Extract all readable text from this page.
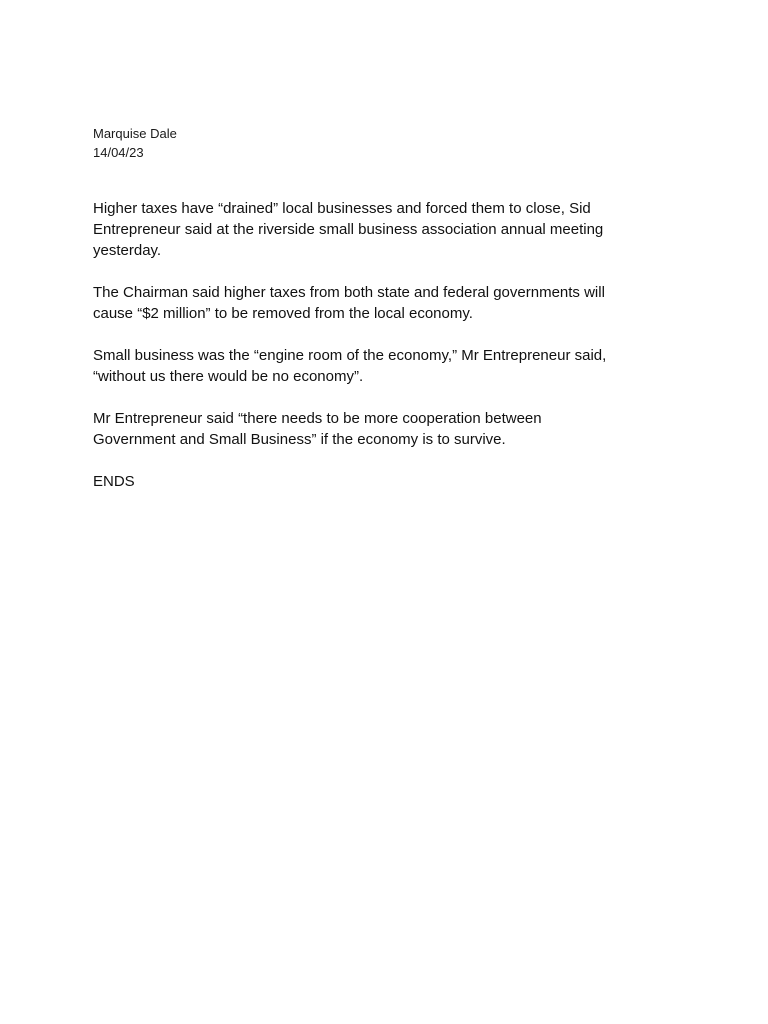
Marquise Dale
14/04/23

Higher taxes have “drained” local businesses and forced them to close, Sid
Entrepreneur said at the riverside small business association annual meeting
yesterday.

The Chairman said higher taxes from both state and federal governments will
cause “$2 million” to be removed from the local economy.

Small business was the “engine room of the economy,” Mr Entrepreneur said,
“without us there would be no economy”.

Mr Entrepreneur said “there needs to be more cooperation between
Government and Small Business” if the economy is to survive.

ENDS
